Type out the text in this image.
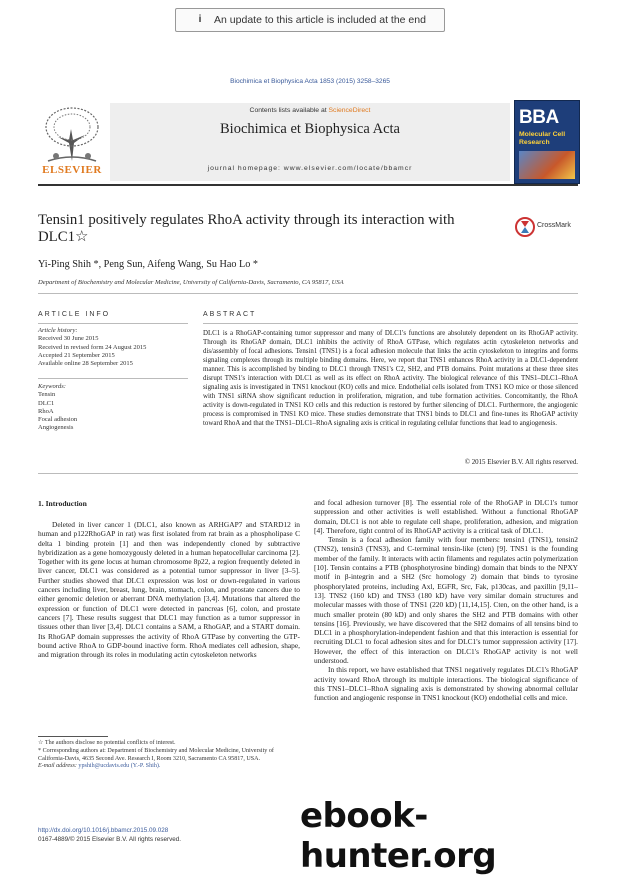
i	An update to this article is included at the end
Biochimica et Biophysica Acta 1853 (2015) 3258–3265
ELSEVIER
Contents lists available at ScienceDirect
Biochimica et Biophysica Acta
journal homepage: www.elsevier.com/locate/bbamcr
BBA
Molecular Cell Research
Tensin1 positively regulates RhoA activity through its interaction with DLC1☆
CrossMark
Yi-Ping Shih *, Peng Sun, Aifeng Wang, Su Hao Lo *
Department of Biochemistry and Molecular Medicine, University of California-Davis, Sacramento, CA 95817, USA
ARTICLE INFO
Article history:
Received 30 June 2015
Received in revised form 24 August 2015
Accepted 21 September 2015
Available online 28 September 2015
Keywords:
Tensin
DLC1
RhoA
Focal adhesion
Angiogenesis
ABSTRACT
DLC1 is a RhoGAP-containing tumor suppressor and many of DLC1's functions are absolutely dependent on its RhoGAP activity. Through its RhoGAP domain, DLC1 inhibits the activity of RhoA GTPase, which regulates actin cytoskeleton networks and dis/assembly of focal adhesions. Tensin1 (TNS1) is a focal adhesion molecule that links the actin cytoskeleton to integrins and forms signaling complexes through its multiple binding domains. Here, we report that TNS1 enhances RhoA activity in a DLC1-dependent manner. This is accomplished by binding to DLC1 through TNS1's C2, SH2, and PTB domains. Point mutations at these three sites disrupt TNS1's interaction with DLC1 as well as its effect on RhoA activity. The biological relevance of this TNS1–DLC1–RhoA signaling axis is investigated in TNS1 knockout (KO) cells and mice. Endothelial cells isolated from TNS1 KO mice or those silenced with TNS1 siRNA show significant reduction in proliferation, migration, and tube formation activities. Concomitantly, the RhoA activity is down-regulated in TNS1 KO cells and this reduction is restored by further silencing of DLC1. Furthermore, the angiogenic process is compromised in TNS1 KO mice. These studies demonstrate that TNS1 binds to DLC1 and fine-tunes its RhoGAP activity toward RhoA and that the TNS1–DLC1–RhoA signaling axis is critical in regulating cellular functions that lead to angiogenesis.
© 2015 Elsevier B.V. All rights reserved.
1. Introduction

Deleted in liver cancer 1 (DLC1, also known as ARHGAP7 and STARD12 in human and p122RhoGAP in rat) was first isolated from rat brain as a phospholipase C delta 1 binding protein [1] and then was independently cloned by subtractive hybridization as a gene homozygously deleted in a human hepatocellular carcinoma [2]. Together with its gene locus at human chromosome 8p22, a region frequently deleted in liver cancer, DLC1 was considered as a potential tumor suppressor in liver [3–5]. Further studies showed that DLC1 expression was lost or down-regulated in various cancers including liver, breast, lung, brain, stomach, colon, and prostate cancers due to either genomic deletion or aberrant DNA methylation [3,4]. Mutations that altered the expression or function of DLC1 were detected in pancreas [6], colon, and prostate cancers [7]. These results suggest that DLC1 may function as a tumor suppressor in tissues other than liver [3,4]. DLC1 contains a SAM, a RhoGAP, and a START domain. Its RhoGAP domain suppresses the activity of RhoA GTPase by converting the GTP-bound active RhoA to GDP-bound inactive form. RhoA mediates cell adhesion, shape, and migration through its roles in modulating actin cytoskeleton networks

and focal adhesion turnover [8]. The essential role of the RhoGAP in DLC1's tumor suppression and other activities is well established. Without a functional RhoGAP domain, DLC1 is not able to regulate cell shape, proliferation, adhesion, and migration [4]. Therefore, tight control of its RhoGAP activity is a critical task of DLC1.

Tensin is a focal adhesion family with four members: tensin1 (TNS1), tensin2 (TNS2), tensin3 (TNS3), and C-terminal tensin-like (cten) [9]. TNS1 is the founding member of the family. It interacts with actin filaments and regulates actin polymerization [10]. Tensin contains a PTB (phosphotyrosine binding) domain that binds to the NPXY motif in β-integrin and a SH2 (Src homology 2) domain that binds to tyrosine phosphorylated proteins, including Axl, EGFR, Src, Fak, p130cas, and paxillin [9,11–13]. TNS2 (160 kD) and TNS3 (180 kD) have very similar domain structures and molecular masses with those of TNS1 (220 kD) [11,14,15]. Cten, on the other hand, is a much smaller protein (80 kD) and only shares the SH2 and PTB domains with other tensins [16]. Previously, we have discovered that the SH2 domains of all tensins bind to DLC1 in a phosphorylation-independent fashion and that this interaction is essential for recruiting DLC1 to focal adhesion sites and for DLC1's tumor suppression activity [17]. However, the effect of this interaction on DLC1's RhoGAP activity is not well understood.

In this report, we have established that TNS1 negatively regulates DLC1's RhoGAP activity toward RhoA through its multiple interactions. The biological significance of this TNS1–DLC1–RhoA signaling axis is demonstrated by showing abnormal cellular function and angiogenic response in TNS1 knockout (KO) endothelial cells and mice.

☆ The authors disclose no potential conflicts of interest.
* Corresponding authors at: Department of Biochemistry and Molecular Medicine, University of California-Davis, 4635 Second Ave. Research I, Room 3210, Sacramento CA 95817, USA.
E-mail address: ypshih@ucdavis.edu (Y.-P. Shih).
http://dx.doi.org/10.1016/j.bbamcr.2015.09.028
0167-4889/© 2015 Elsevier B.V. All rights reserved.
ebook-hunter.org
